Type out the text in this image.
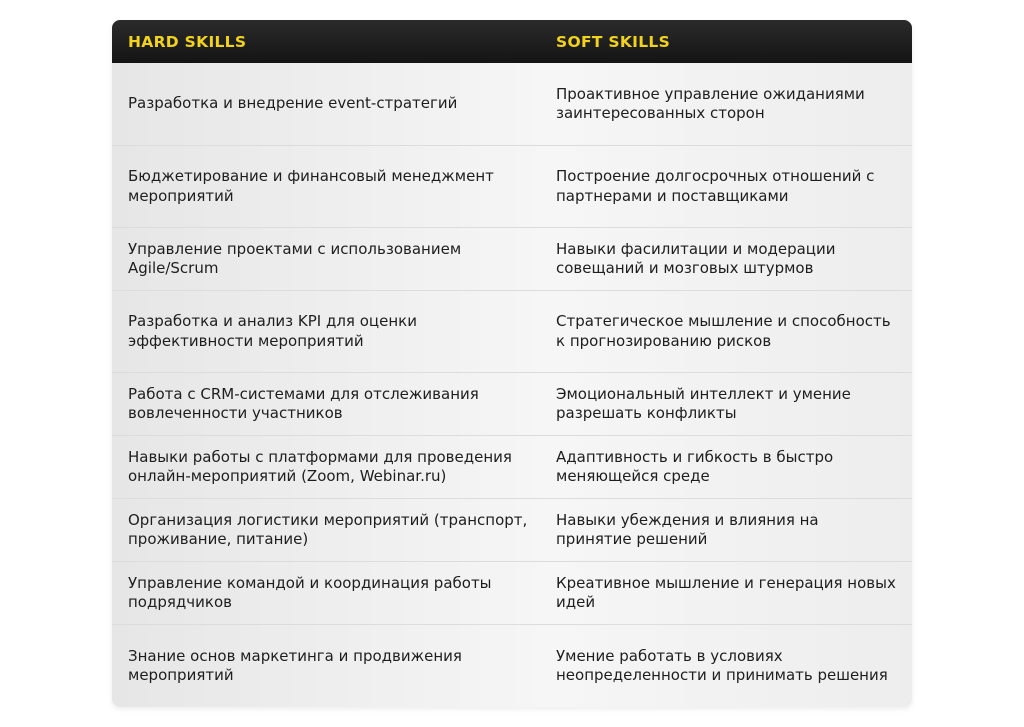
HARD SKILLS	SOFT SKILLS
Разработка и внедрение event-стратегий
Проактивное управление ожиданиями заинтересованных сторон
Бюджетирование и финансовый менеджмент мероприятий
Построение долгосрочных отношений с партнерами и поставщиками
Управление проектами с использованием Agile/Scrum
Навыки фасилитации и модерации совещаний и мозговых штурмов
Разработка и анализ KPI для оценки эффективности мероприятий
Стратегическое мышление и способность к прогнозированию рисков
Работа с CRM-системами для отслеживания вовлеченности участников
Эмоциональный интеллект и умение разрешать конфликты
Навыки работы с платформами для проведения онлайн-мероприятий (Zoom, Webinar.ru)
Адаптивность и гибкость в быстро меняющейся среде
Организация логистики мероприятий (транспорт, проживание, питание)
Навыки убеждения и влияния на принятие решений
Управление командой и координация работы подрядчиков
Креативное мышление и генерация новых идей
Знание основ маркетинга и продвижения мероприятий
Умение работать в условиях неопределенности и принимать решения
